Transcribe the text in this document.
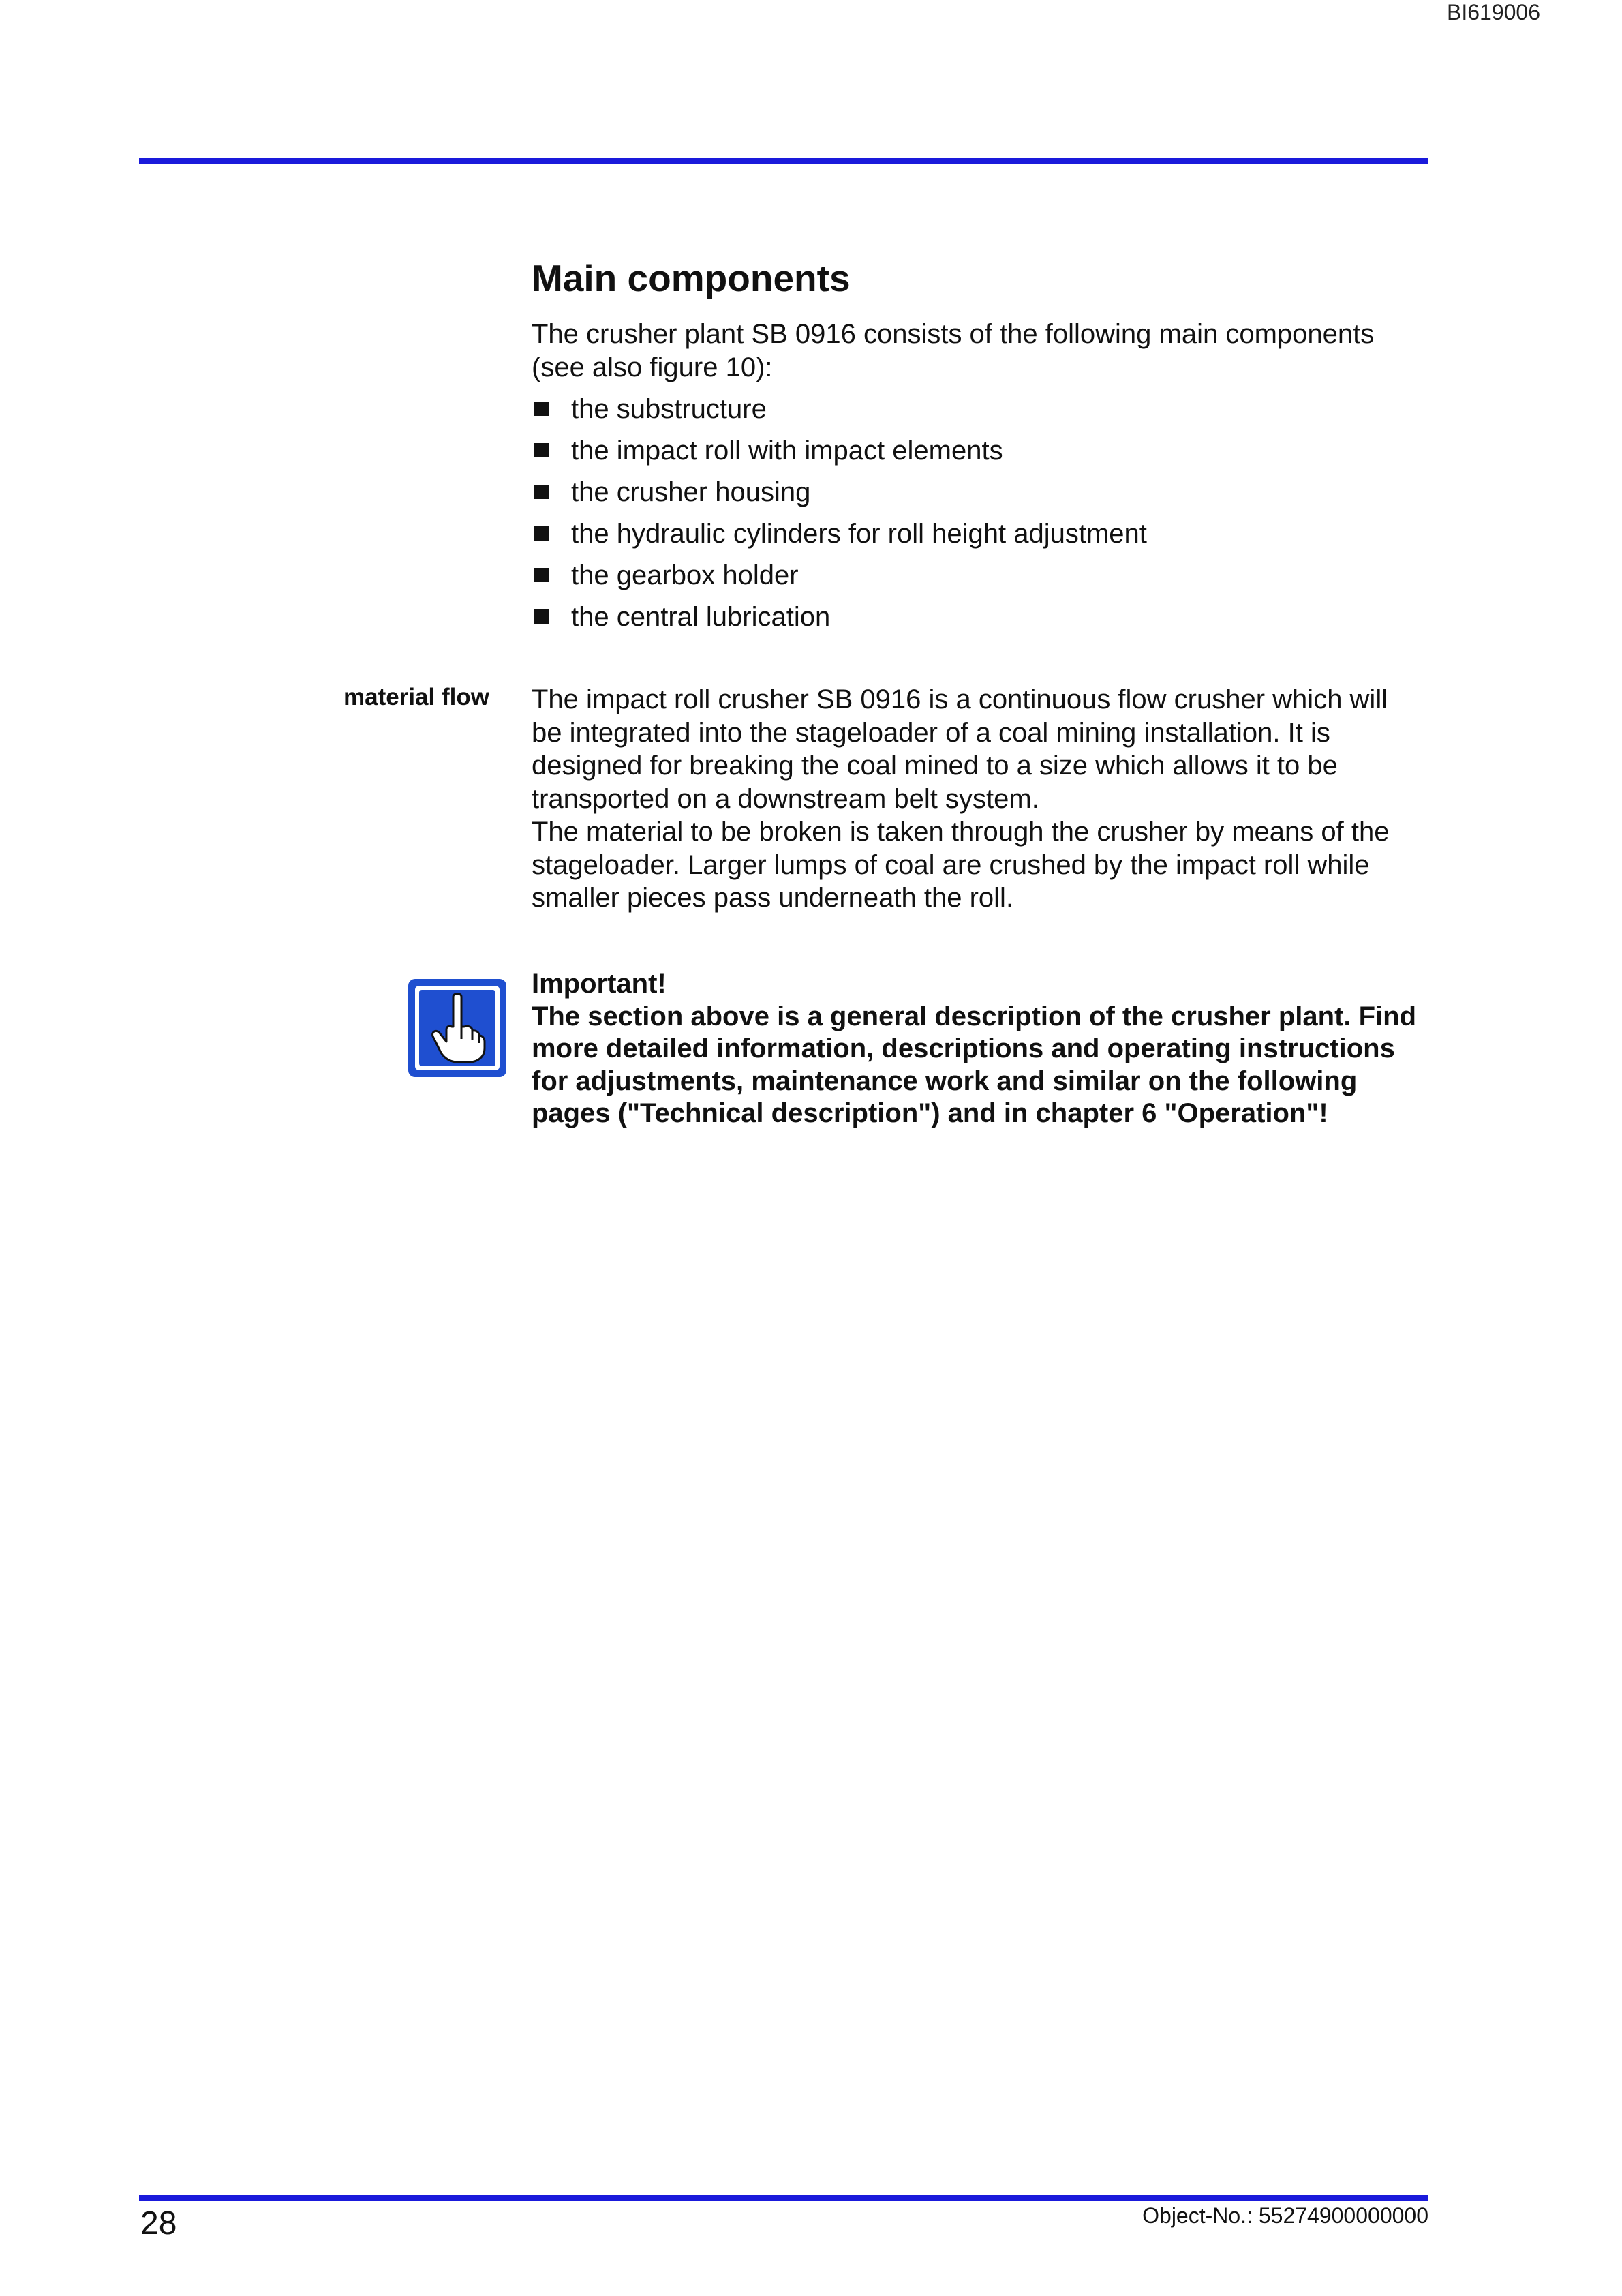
BI619006
Main components
The crusher plant SB 0916 consists of the following main components (see also figure 10):
the substructure
the impact roll with impact elements
the crusher housing
the hydraulic cylinders for roll height adjustment
the gearbox holder
the central lubrication
material flow The impact roll crusher SB 0916 is a continuous flow crusher which will be integrated into the stageloader of a coal mining installation. It is designed for breaking the coal mined to a size which allows it to be transported on a downstream belt system.
The material to be broken is taken through the crusher by means of the stageloader. Larger lumps of coal are crushed by the impact roll while smaller pieces pass underneath the roll.
Important!
The section above is a general description of the crusher plant. Find more detailed information, descriptions and operating instructions for adjustments, maintenance work and similar on the following pages ("Technical description") and in chapter 6 "Operation"!
28	Object-No.: 55274900000000
